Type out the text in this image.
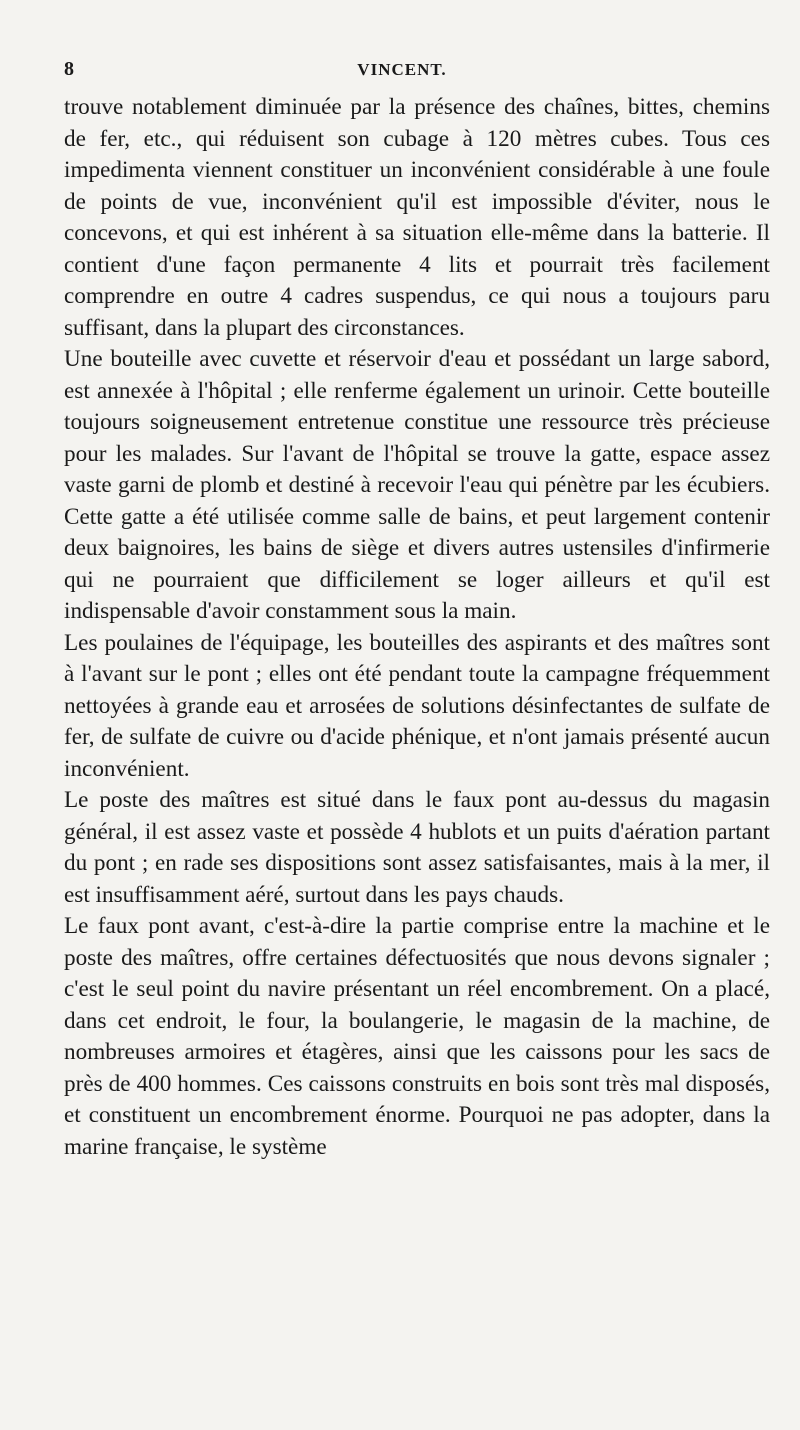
8	VINCENT.

trouve notablement diminuée par la présence des chaînes, bittes, chemins de fer, etc., qui réduisent son cubage à 120 mètres cubes. Tous ces impedimenta viennent constituer un inconvénient considérable à une foule de points de vue, inconvénient qu'il est impossible d'éviter, nous le concevons, et qui est inhérent à sa situation elle-même dans la batterie. Il contient d'une façon permanente 4 lits et pourrait très facilement comprendre en outre 4 cadres suspendus, ce qui nous a toujours paru suffisant, dans la plupart des circonstances.

Une bouteille avec cuvette et réservoir d'eau et possédant un large sabord, est annexée à l'hôpital ; elle renferme également un urinoir. Cette bouteille toujours soigneusement entretenue constitue une ressource très précieuse pour les malades. Sur l'avant de l'hôpital se trouve la gatte, espace assez vaste garni de plomb et destiné à recevoir l'eau qui pénètre par les écubiers. Cette gatte a été utilisée comme salle de bains, et peut largement contenir deux baignoires, les bains de siège et divers autres ustensiles d'infirmerie qui ne pourraient que difficilement se loger ailleurs et qu'il est indispensable d'avoir constamment sous la main.

Les poulaines de l'équipage, les bouteilles des aspirants et des maîtres sont à l'avant sur le pont ; elles ont été pendant toute la campagne fréquemment nettoyées à grande eau et arrosées de solutions désinfectantes de sulfate de fer, de sulfate de cuivre ou d'acide phénique, et n'ont jamais présenté aucun inconvénient.

Le poste des maîtres est situé dans le faux pont au-dessus du magasin général, il est assez vaste et possède 4 hublots et un puits d'aération partant du pont ; en rade ses dispositions sont assez satisfaisantes, mais à la mer, il est insuffisamment aéré, surtout dans les pays chauds.

Le faux pont avant, c'est-à-dire la partie comprise entre la machine et le poste des maîtres, offre certaines défectuosités que nous devons signaler ; c'est le seul point du navire présentant un réel encombrement. On a placé, dans cet endroit, le four, la boulangerie, le magasin de la machine, de nombreuses armoires et étagères, ainsi que les caissons pour les sacs de près de 400 hommes. Ces caissons construits en bois sont très mal disposés, et constituent un encombrement énorme. Pourquoi ne pas adopter, dans la marine française, le système
